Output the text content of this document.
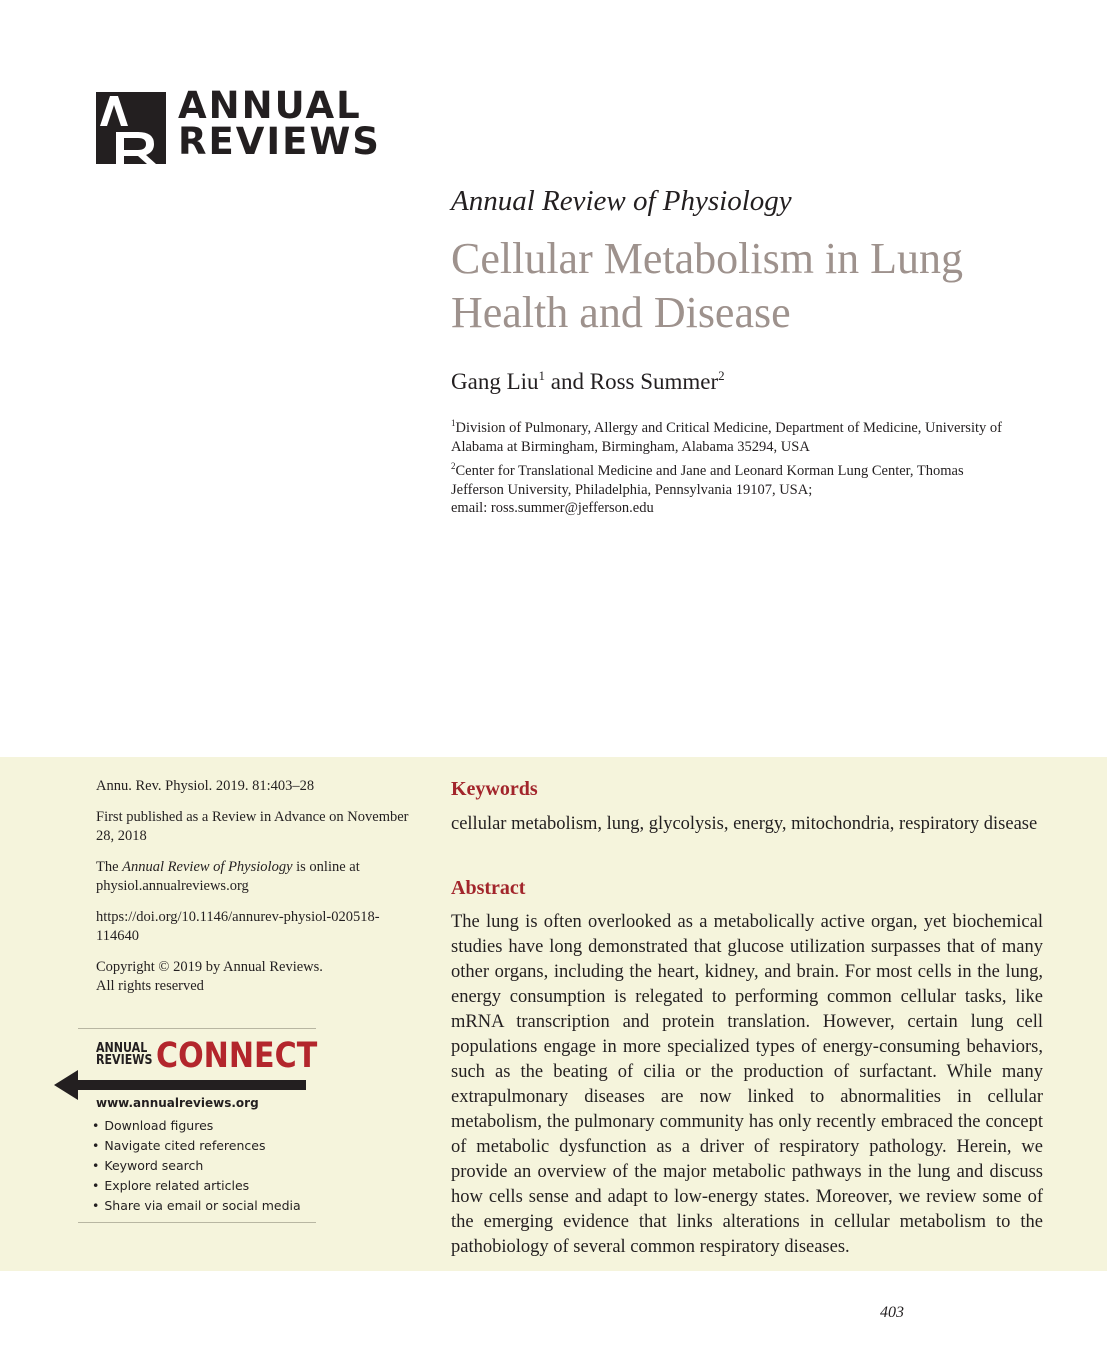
ANNUAL
REVIEWS
Annual Review of Physiology
Cellular Metabolism in Lung Health and Disease
Gang Liu$^1$ and Ross Summer$^2$
$^1$Division of Pulmonary, Allergy and Critical Medicine, Department of Medicine, University of Alabama at Birmingham, Birmingham, Alabama 35294, USA
$^2$Center for Translational Medicine and Jane and Leonard Korman Lung Center, Thomas Jefferson University, Philadelphia, Pennsylvania 19107, USA;
email: ross.summer@jefferson.edu
Annu. Rev. Physiol. 2019. 81:403–28
First published as a Review in Advance on November 28, 2018
The Annual Review of Physiology is online at physiol.annualreviews.org
https://doi.org/10.1146/annurev-physiol-020518-114640
Copyright © 2019 by Annual Reviews.
All rights reserved
ANNUAL
REVIEWS CONNECT
www.annualreviews.org
• Download figures
• Navigate cited references
• Keyword search
• Explore related articles
• Share via email or social media
Keywords
cellular metabolism, lung, glycolysis, energy, mitochondria, respiratory disease
Abstract
The lung is often overlooked as a metabolically active organ, yet biochemical studies have long demonstrated that glucose utilization surpasses that of many other organs, including the heart, kidney, and brain. For most cells in the lung, energy consumption is relegated to performing common cellular tasks, like mRNA transcription and protein translation. However, certain lung cell populations engage in more specialized types of energy-consuming behaviors, such as the beating of cilia or the production of surfactant. While many extrapulmonary diseases are now linked to abnormalities in cellular metabolism, the pulmonary community has only recently embraced the concept of metabolic dysfunction as a driver of respiratory pathology. Herein, we provide an overview of the major metabolic pathways in the lung and discuss how cells sense and adapt to low-energy states. Moreover, we review some of the emerging evidence that links alterations in cellular metabolism to the pathobiology of several common respiratory diseases.
403
